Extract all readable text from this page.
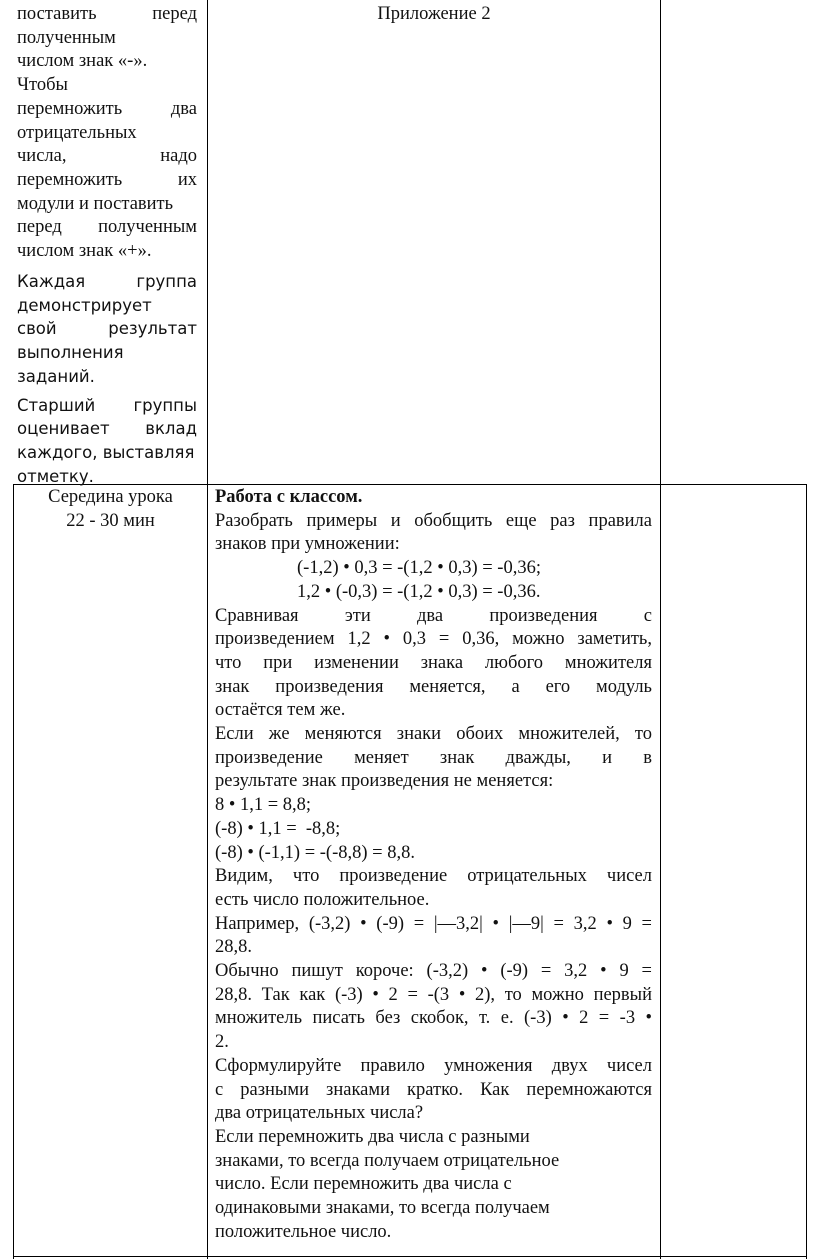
поставить перед

полученным

числом знак «-».

Чтобы

перемножить два

отрицательных

числа, надо

перемножить их

модули и поставить

перед полученным

числом знак «+».

Каждая группа

демонстрирует

свой результат

выполнения

заданий.

Старший группы

оценивает вклад

каждого, выставляя

отметку.

Приложение 2

Середина урока

22 - 30 мин

Работа с классом.

Разобрать примеры и обобщить еще раз правила

знаков при умножении:

(-1,2) • 0,3 = -(1,2 • 0,3) = -0,36;

1,2 • (-0,3) = -(1,2 • 0,3) = -0,36.

Сравнивая эти два произведения с

произведением 1,2 • 0,3 = 0,36, можно заметить,

что при изменении знака любого множителя

знак произведения меняется, а его модуль

остаётся тем же.

Если же меняются знаки обоих множителей, то

произведение меняет знак дважды, и в

результате знак произведения не меняется:

8 • 1,1 = 8,8;

(-8) • 1,1 =  -8,8;

(-8) • (-1,1) = -(-8,8) = 8,8.

Видим, что произведение отрицательных чисел

есть число положительное.

Например, (-3,2) • (-9) = |—3,2| • |—9| = 3,2 • 9 =

28,8.

Обычно пишут короче: (-3,2) • (-9) = 3,2 • 9 =

28,8. Так как (-3) • 2 = -(3 • 2), то можно первый

множитель писать без скобок, т. е. (-3) • 2 = -3 •

2.

Сформулируйте правило умножения двух чисел

с разными знаками кратко. Как перемножаются

два отрицательных числа?

Если перемножить два числа с разными

знаками, то всегда получаем отрицательное

число. Если перемножить два числа с

одинаковыми знаками, то всегда получаем

положительное число.
